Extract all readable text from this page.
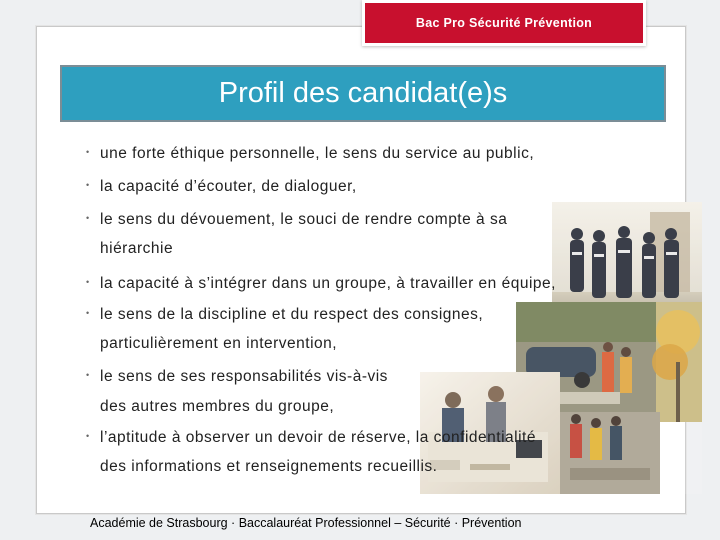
Bac Pro Sécurité Prévention
Profil des candidat(e)s
• une forte éthique personnelle, le sens du service au public,
• la capacité d’écouter, de dialoguer,
• le sens du dévouement, le souci de rendre compte à sa
hiérarchie
• la capacité à s’intégrer dans un groupe, à travailler en équipe,
• le sens de la discipline et du respect des consignes,
particulièrement en intervention,
• le sens de ses responsabilités vis-à-vis
des autres membres du groupe,
• l’aptitude à observer un devoir de réserve, la confidentialité
des informations et renseignements recueillis.
Académie de Strasbourg · Baccalauréat Professionnel – Sécurité · Prévention
